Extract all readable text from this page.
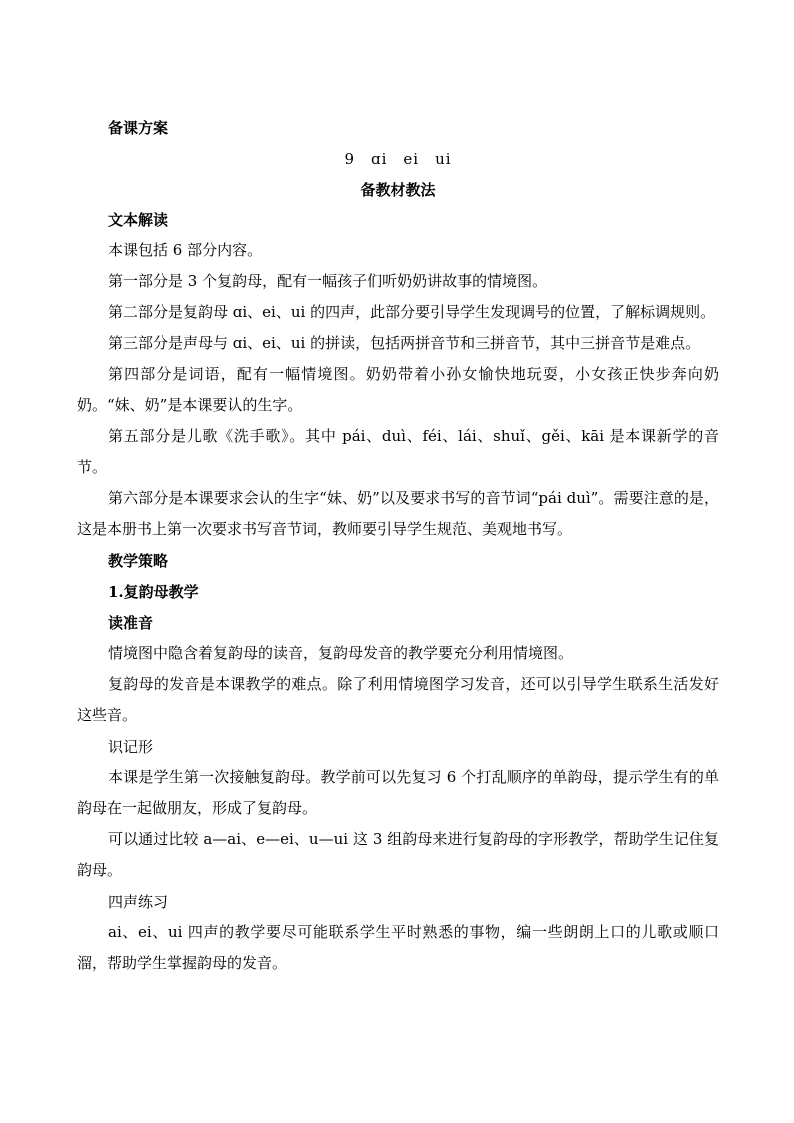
备课方案
9　ɑi　ei　ui
备教材教法
文本解读

本课包括 6 部分内容。

第一部分是 3 个复韵母，配有一幅孩子们听奶奶讲故事的情境图。

第二部分是复韵母 ɑi、ei、ui 的四声，此部分要引导学生发现调号的位置，了解标调规则。

第三部分是声母与 ɑi、ei、ui 的拼读，包括两拼音节和三拼音节，其中三拼音节是难点。

第四部分是词语，配有一幅情境图。奶奶带着小孙女愉快地玩耍，小女孩正快步奔向奶奶。“妹、奶”是本课要认的生字。

第五部分是儿歌《洗手歌》。其中 pái、duì、féi、lái、shuǐ、gěi、kāi 是本课新学的音节。

第六部分是本课要求会认的生字“妹、奶”以及要求书写的音节词“pái duì”。需要注意的是，这是本册书上第一次要求书写音节词，教师要引导学生规范、美观地书写。

教学策略
1.复韵母教学
读准音

情境图中隐含着复韵母的读音，复韵母发音的教学要充分利用情境图。

复韵母的发音是本课教学的难点。除了利用情境图学习发音，还可以引导学生联系生活发好这些音。

识记形

本课是学生第一次接触复韵母。教学前可以先复习 6 个打乱顺序的单韵母，提示学生有的单韵母在一起做朋友，形成了复韵母。

可以通过比较 a—ai、e—ei、u—ui 这 3 组韵母来进行复韵母的字形教学，帮助学生记住复韵母。

四声练习

ai、ei、ui 四声的教学要尽可能联系学生平时熟悉的事物，编一些朗朗上口的儿歌或顺口溜，帮助学生掌握韵母的发音。
